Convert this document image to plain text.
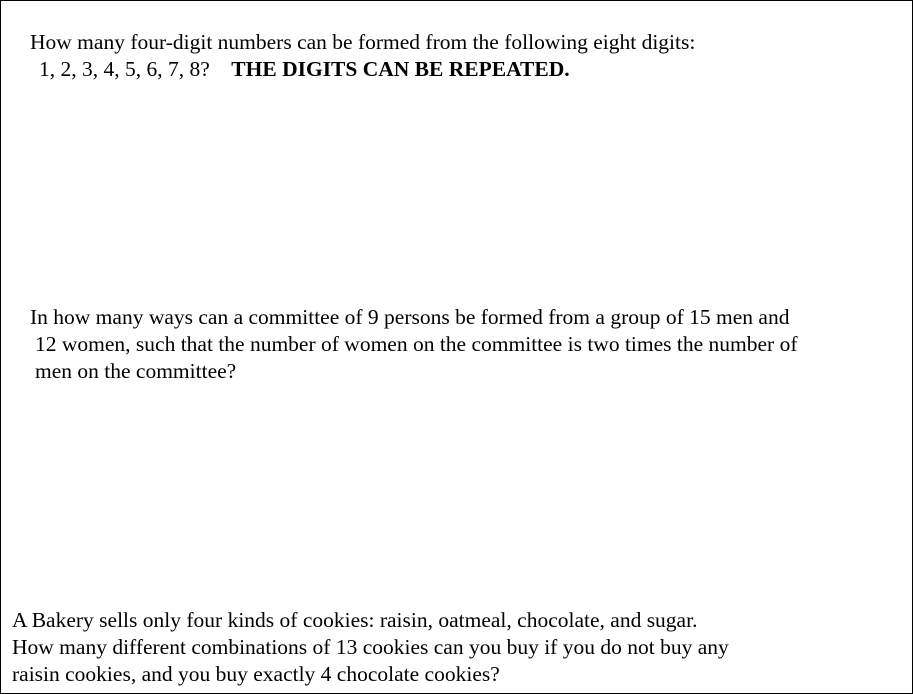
How many four-digit numbers can be formed from the following eight digits:
1, 2, 3, 4, 5, 6, 7, 8? THE DIGITS CAN BE REPEATED.
In how many ways can a committee of 9 persons be formed from a group of 15 men and
12 women, such that the number of women on the committee is two times the number of
men on the committee?
A Bakery sells only four kinds of cookies: raisin, oatmeal, chocolate, and sugar.
How many different combinations of 13 cookies can you buy if you do not buy any
raisin cookies, and you buy exactly 4 chocolate cookies?
